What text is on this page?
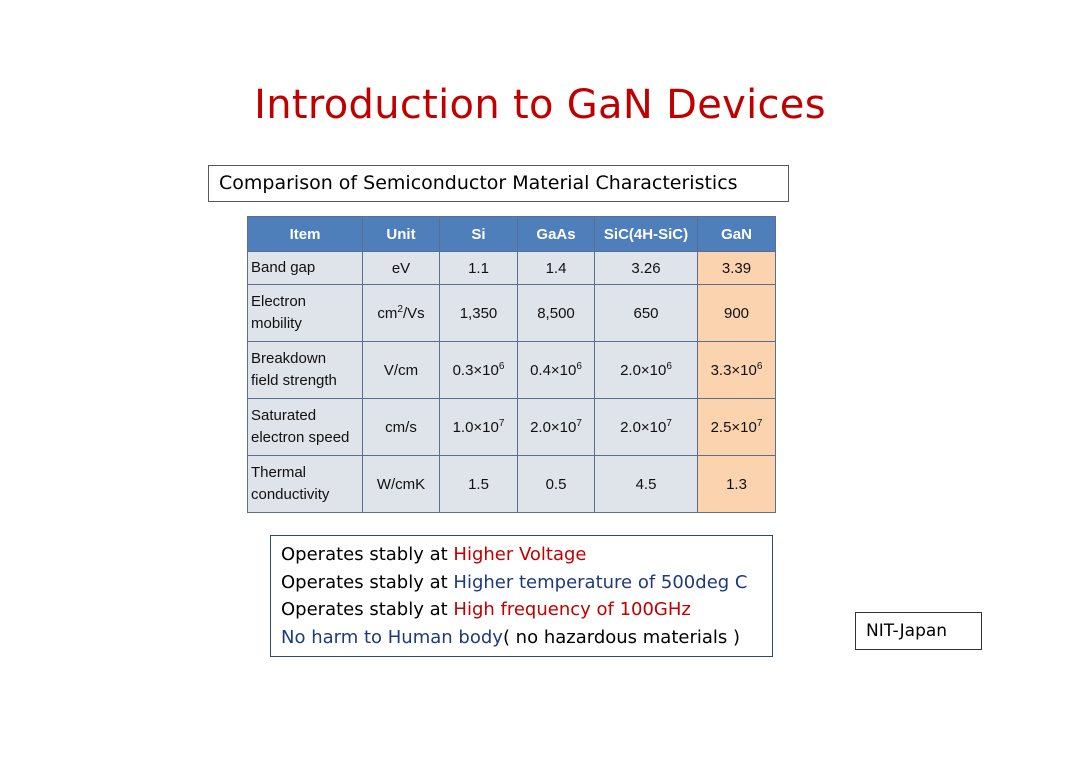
Introduction to GaN Devices
Comparison of Semiconductor Material Characteristics
Item	Unit	Si	GaAs	SiC(4H-SiC)	GaN

Band gap	eV	1.1	1.4	3.26	3.39

Electron
mobility	$cm^2/Vs$	1,350	8,500	650	900

Breakdown
field strength	V/cm	$0.3\times 10^6$	$0.4\times 10^6$	$2.0\times 10^6$	$3.3\times 10^6$

Saturated
electron speed	cm/s	$1.0\times 10^7$	$2.0\times 10^7$	$2.0\times 10^7$	$2.5\times 10^7$

Thermal
conductivity	W/cmK	1.5	0.5	4.5	1.3
Operates stably at Higher Voltage
Operates stably at Higher temperature of 500deg C
Operates stably at High frequency of 100GHz
No harm to Human body( no hazardous materials )	NIT-Japan
